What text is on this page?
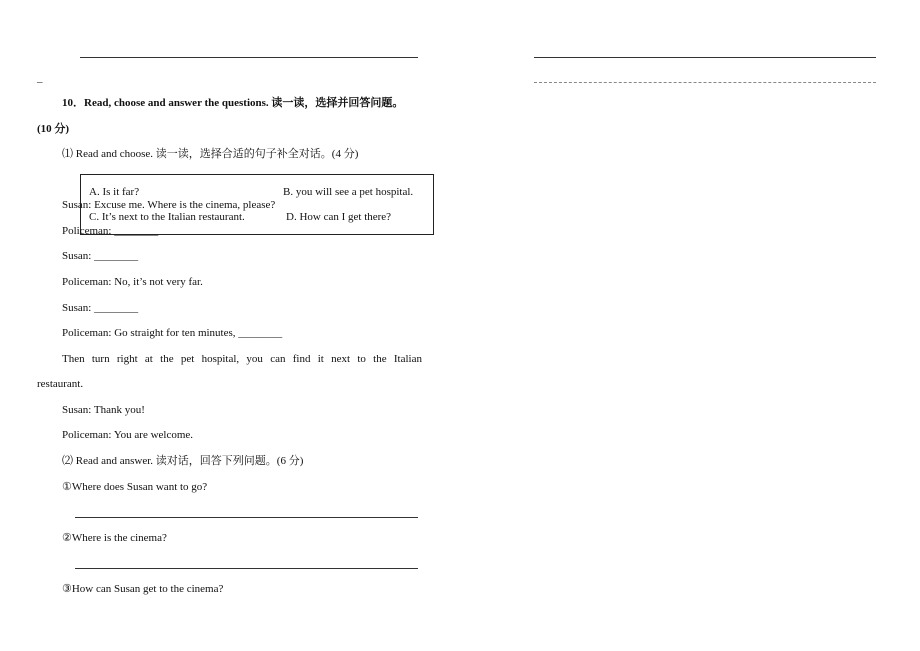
–
10．Read, choose and answer the questions. 读一读，选择并回答问题。
(10 分)
⑴ Read and choose. 读一读，选择合适的句子补全对话。(4 分)
A. Is it far?	B. you will see a pet hospital.
C. It’s next to the Italian restaurant.	D. How can I get there?
Susan: Excuse me. Where is the cinema, please?
Policeman: ________
Susan: ________
Policeman: No, it’s not very far.
Susan: ________
Policeman: Go straight for ten minutes, ________
Then turn right at the pet hospital, you can find it next to the Italian
restaurant.
Susan: Thank you!
Policeman: You are welcome.
⑵ Read and answer. 读对话，回答下列问题。(6 分)
①Where does Susan want to go?
②Where is the cinema?
③How can Susan get to the cinema?
